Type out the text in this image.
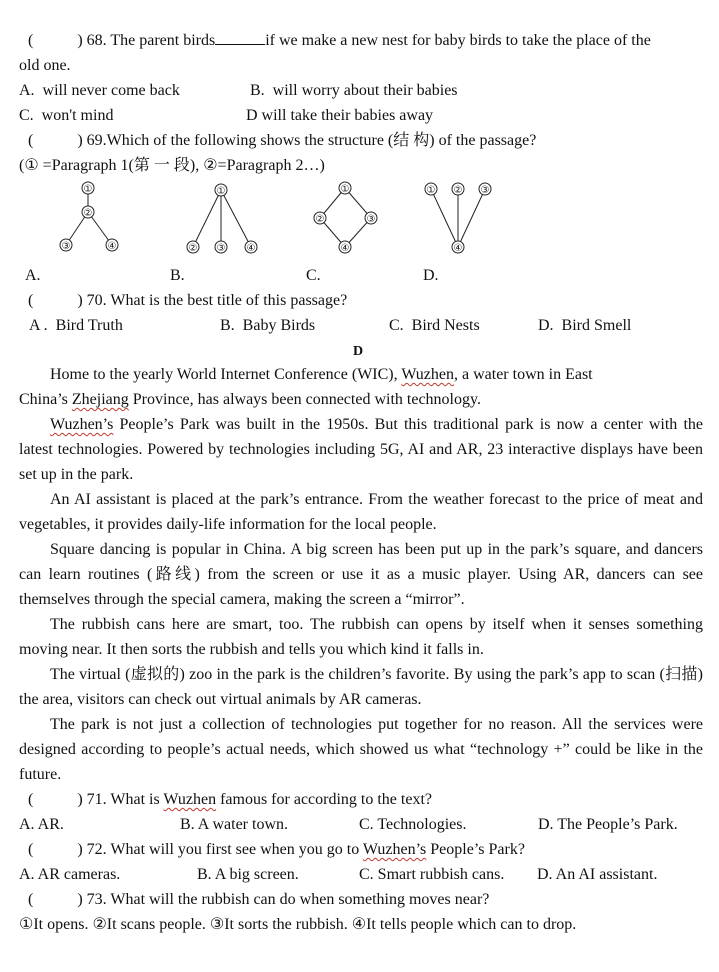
(	) 68. The parent birds	if we make a new nest for baby birds to take the place of the
old one.
A.  will never come back	B.  will worry about their babies
C.  won't mind	D will take their babies away
(	) 69.Which of the following shows the structure (结 构) of the passage?
(① =Paragraph 1(第 一 段), ②=Paragraph 2…)
①
②
③	④
①
② ③ ④
①
②	③
④
① ② ③
④
A.	B.	C.	D.
(	) 70. What is the best title of this passage?
A .  Bird Truth	B.  Baby Birds	C.  Bird Nests	D.  Bird Smell
D
Home to the yearly World Internet Conference (WIC), Wuzhen, a water town in East
China’s Zhejiang Province, has always been connected with technology.
Wuzhen’s People’s Park was built in the 1950s. But this traditional park is now a center with the latest technologies. Powered by technologies including 5G, AI and AR, 23 interactive displays have been set up in the park.
An AI assistant is placed at the park’s entrance. From the weather forecast to the price of meat and vegetables, it provides daily-life information for the local people.
Square dancing is popular in China. A big screen has been put up in the park’s square, and dancers can learn routines (路线) from the screen or use it as a music player. Using AR, dancers can see themselves through the special camera, making the screen a “mirror”.
The rubbish cans here are smart, too. The rubbish can opens by itself when it senses something moving near. It then sorts the rubbish and tells you which kind it falls in.
The virtual (虚拟的) zoo in the park is the children’s favorite. By using the park’s app to scan (扫描) the area, visitors can check out virtual animals by AR cameras.
The park is not just a collection of technologies put together for no reason. All the services were designed according to people’s actual needs, which showed us what “technology +” could be like in the future.
(	) 71. What is Wuzhen famous for according to the text?
A. AR.	B. A water town.	C. Technologies.	D. The People’s Park.
(	) 72. What will you first see when you go to Wuzhen’s People’s Park?
A. AR cameras.	B. A big screen.	C. Smart rubbish cans. D. An AI assistant.
(	) 73. What will the rubbish can do when something moves near?
①It opens. ②It scans people. ③It sorts the rubbish. ④It tells people which can to drop.
